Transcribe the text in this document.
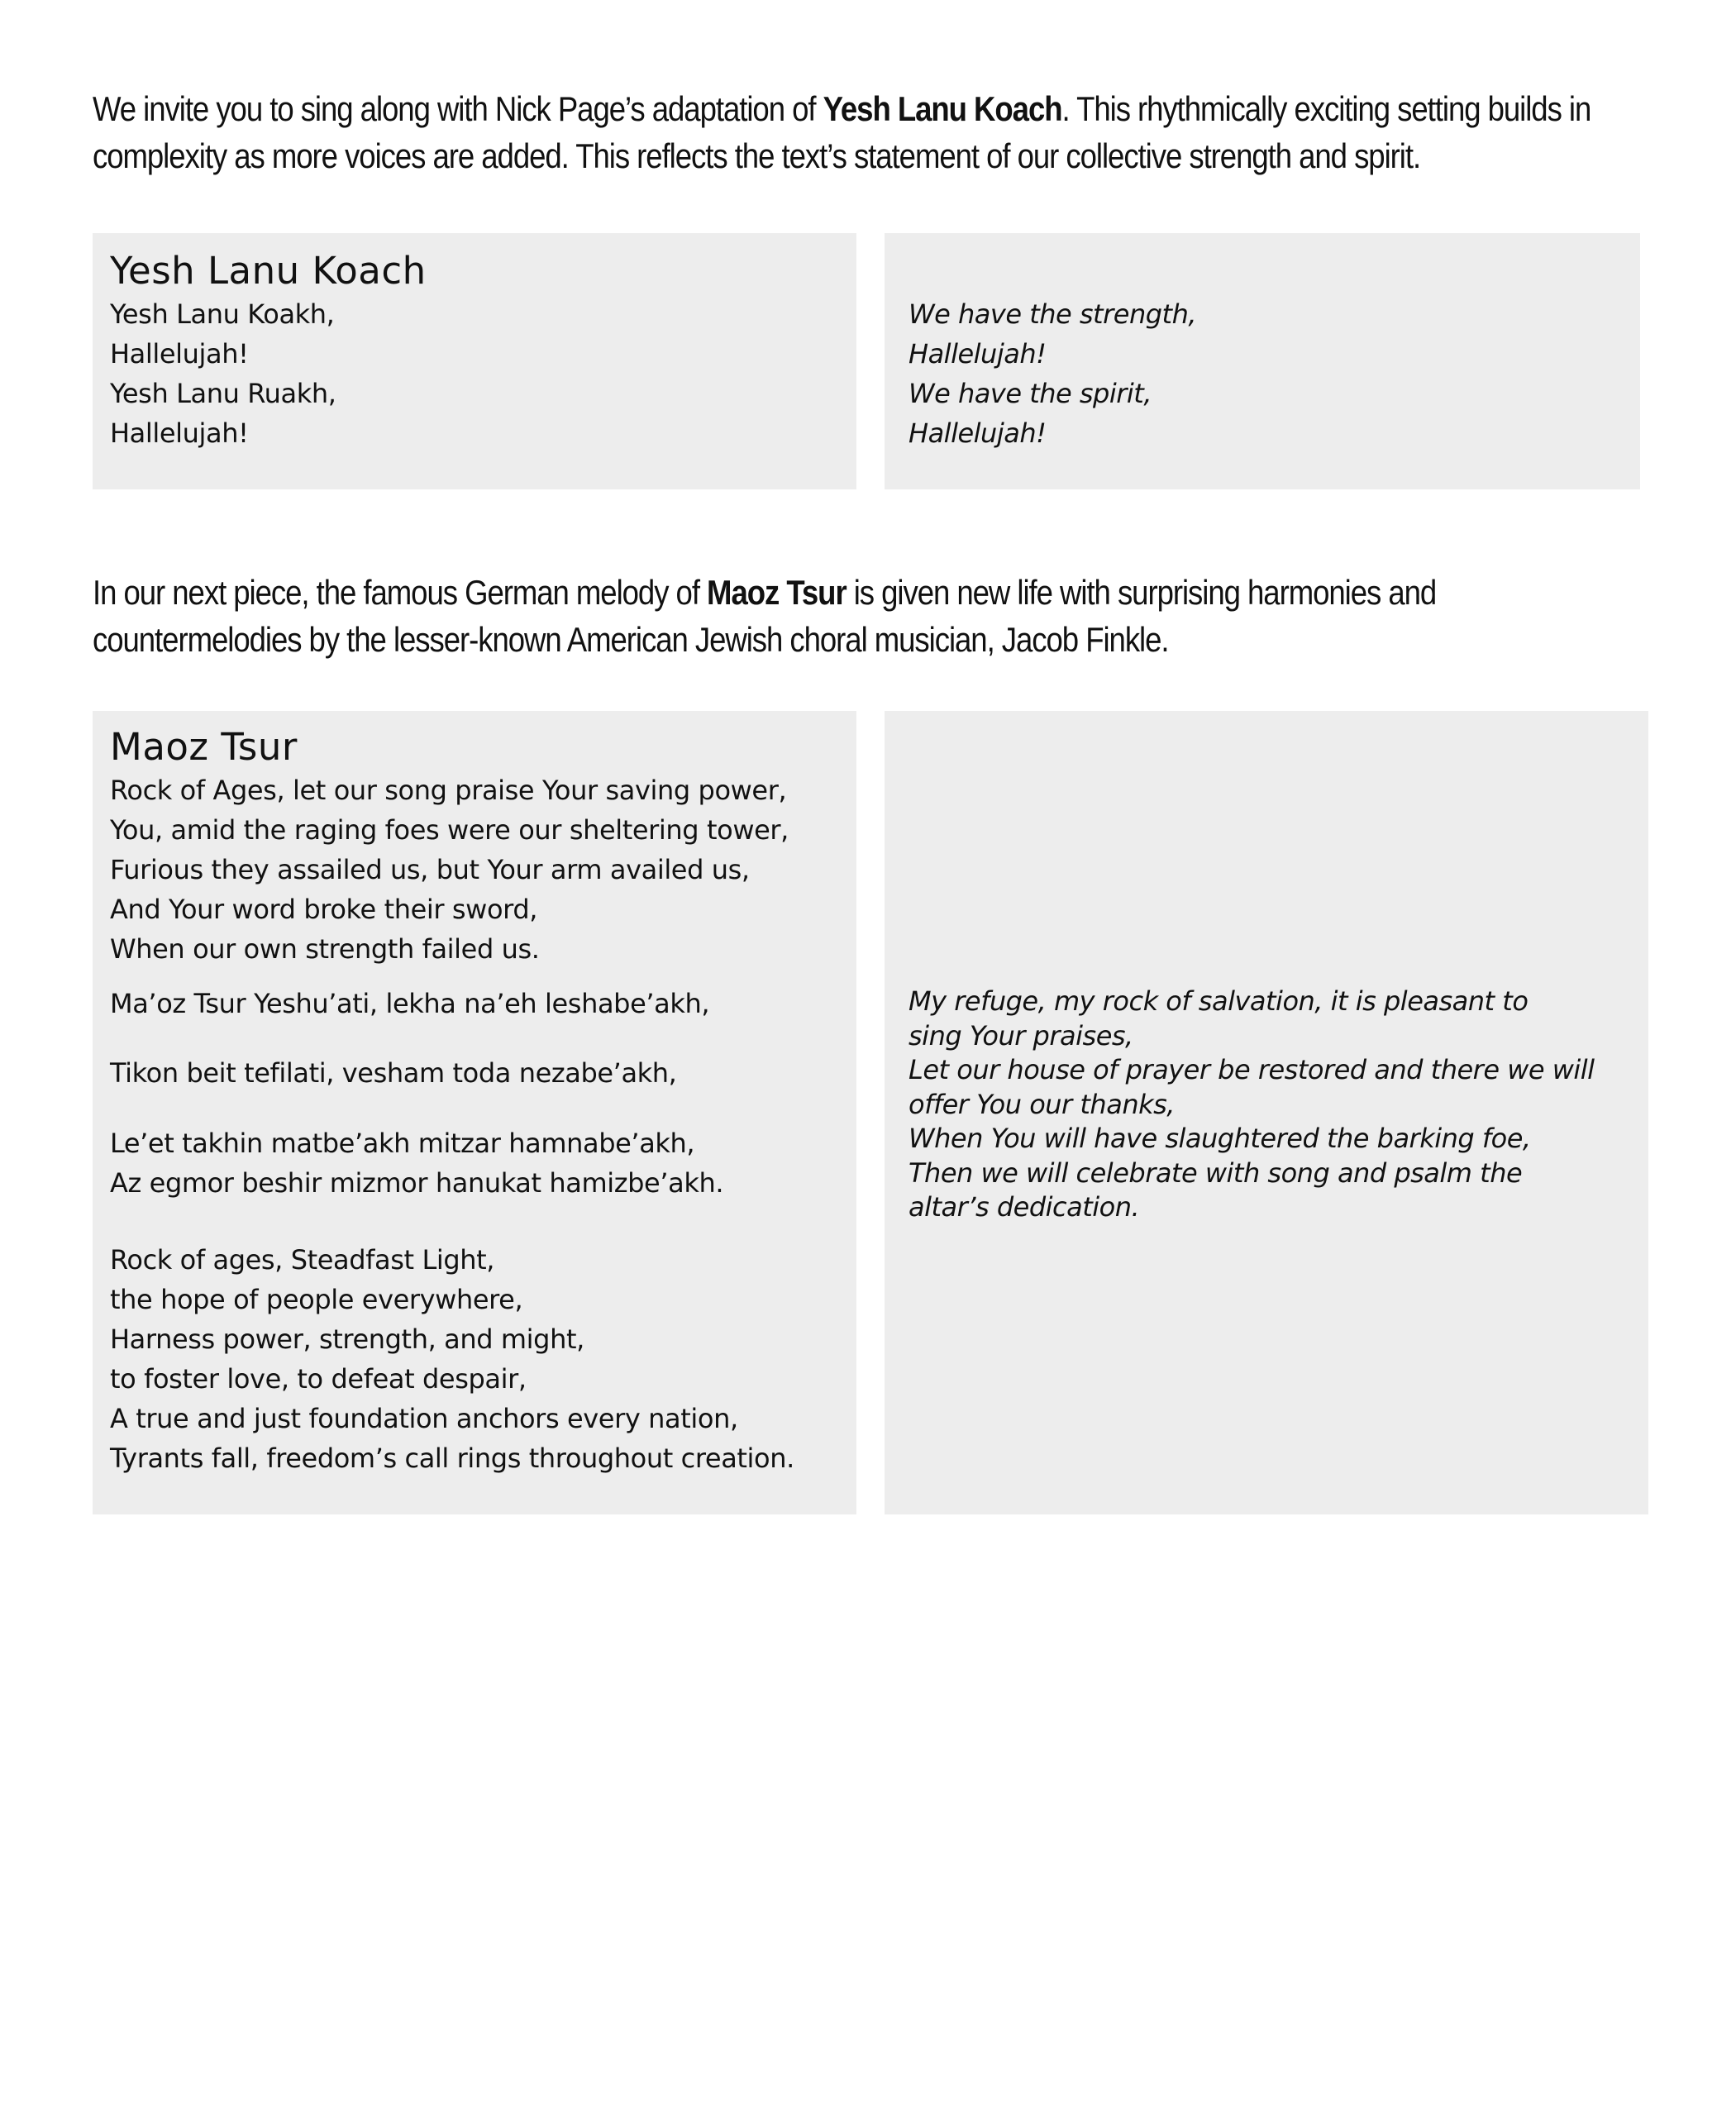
We invite you to sing along with Nick Page’s adaptation of Yesh Lanu Koach. This rhythmically exciting setting builds in complexity as more voices are added. This reflects the text’s statement of our collective strength and spirit.

Yesh Lanu Koach

Yesh Lanu Koakh,
Hallelujah!
Yesh Lanu Ruakh,
Hallelujah!

We have the strength,
Hallelujah!
We have the spirit,
Hallelujah!

In our next piece, the famous German melody of Maoz Tsur is given new life with surprising harmonies and countermelodies by the lesser-known American Jewish choral musician, Jacob Finkle.

Maoz Tsur

Rock of Ages, let our song praise Your saving power,
You, amid the raging foes were our sheltering tower,
Furious they assailed us, but Your arm availed us,
And Your word broke their sword,
When our own strength failed us.

Ma’oz Tsur Yeshu’ati, lekha na’eh leshabe’akh,

Tikon beit tefilati, vesham toda nezabe’akh,

Le’et takhin matbe’akh mitzar hamnabe’akh,
Az egmor beshir mizmor hanukat hamizbe’akh.

Rock of ages, Steadfast Light,
the hope of people everywhere,
Harness power, strength, and might,
to foster love, to defeat despair,
A true and just foundation anchors every nation,
Tyrants fall, freedom’s call rings throughout creation.

My refuge, my rock of salvation, it is pleasant to
sing Your praises,
Let our house of prayer be restored and there we will
offer You our thanks,
When You will have slaughtered the barking foe,
Then we will celebrate with song and psalm the
altar’s dedication.
